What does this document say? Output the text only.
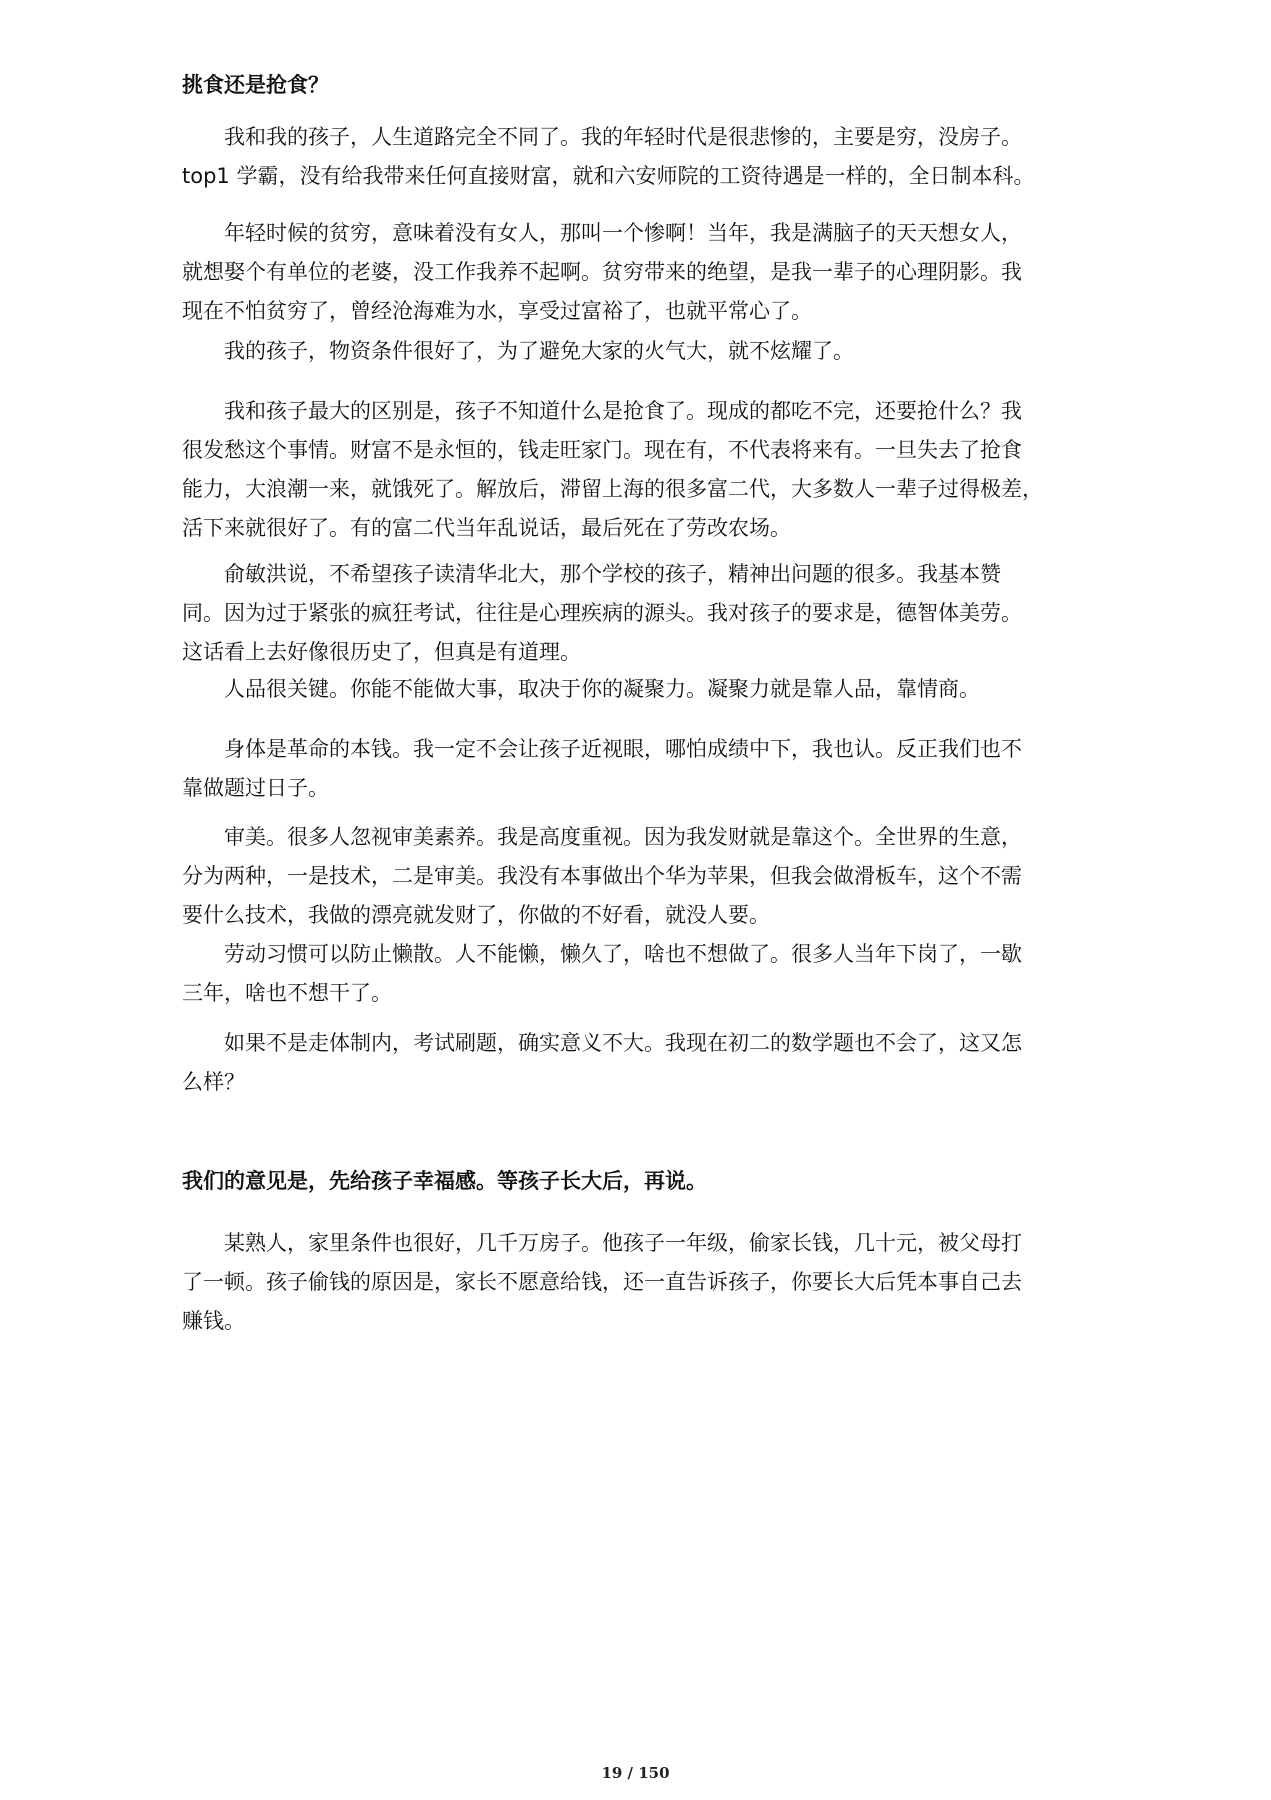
挑食还是抢食？

我和我的孩子，人生道路完全不同了。我的年轻时代是很悲惨的，主要是穷，没房子。

top1 学霸，没有给我带来任何直接财富，就和六安师院的工资待遇是一样的，全日制本科。

年轻时候的贫穷，意味着没有女人，那叫一个惨啊！当年，我是满脑子的天天想女人，

就想娶个有单位的老婆，没工作我养不起啊。贫穷带来的绝望，是我一辈子的心理阴影。我

现在不怕贫穷了，曾经沧海难为水，享受过富裕了，也就平常心了。

我的孩子，物资条件很好了，为了避免大家的火气大，就不炫耀了。

我和孩子最大的区别是，孩子不知道什么是抢食了。现成的都吃不完，还要抢什么？我

很发愁这个事情。财富不是永恒的，钱走旺家门。现在有，不代表将来有。一旦失去了抢食

能力，大浪潮一来，就饿死了。解放后，滞留上海的很多富二代，大多数人一辈子过得极差，

活下来就很好了。有的富二代当年乱说话，最后死在了劳改农场。

俞敏洪说，不希望孩子读清华北大，那个学校的孩子，精神出问题的很多。我基本赞

同。因为过于紧张的疯狂考试，往往是心理疾病的源头。我对孩子的要求是，德智体美劳。

这话看上去好像很历史了，但真是有道理。

人品很关键。你能不能做大事，取决于你的凝聚力。凝聚力就是靠人品，靠情商。

身体是革命的本钱。我一定不会让孩子近视眼，哪怕成绩中下，我也认。反正我们也不

靠做题过日子。

审美。很多人忽视审美素养。我是高度重视。因为我发财就是靠这个。全世界的生意，

分为两种，一是技术，二是审美。我没有本事做出个华为苹果，但我会做滑板车，这个不需

要什么技术，我做的漂亮就发财了，你做的不好看，就没人要。

劳动习惯可以防止懒散。人不能懒，懒久了，啥也不想做了。很多人当年下岗了，一歇

三年，啥也不想干了。

如果不是走体制内，考试刷题，确实意义不大。我现在初二的数学题也不会了，这又怎

么样？

我们的意见是，先给孩子幸福感。等孩子长大后，再说。

某熟人，家里条件也很好，几千万房子。他孩子一年级，偷家长钱，几十元，被父母打

了一顿。孩子偷钱的原因是，家长不愿意给钱，还一直告诉孩子，你要长大后凭本事自己去

赚钱。

19 / 150
